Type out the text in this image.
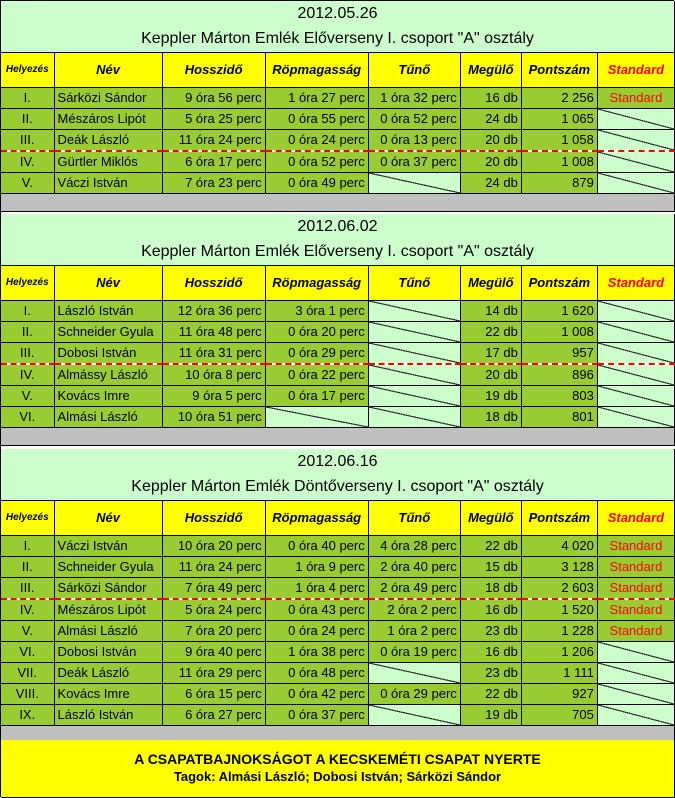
2012.05.26
Keppler Márton Emlék Előverseny I. csoport "A" osztály
Helyezés	Név	Hosszidő	Röpmagasság	Tűnő	Megülő	Pontszám	Standard
I.	Sárközi Sándor	9 óra 56 perc	1 óra 27 perc	1 óra 32 perc	16 db	2 256	Standard
II.	Mészáros Lipót	5 óra 25 perc	0 óra 55 perc	0 óra 52 perc	24 db	1 065	
III.	Deák László	11 óra 24 perc	0 óra 24 perc	0 óra 13 perc	20 db	1 058	
IV.	Gürtler Miklós	6 óra 17 perc	0 óra 52 perc	0 óra 37 perc	20 db	1 008	
V.	Váczi István	7 óra 23 perc	0 óra 49 perc		24 db	879	
2012.06.02
Keppler Márton Emlék Előverseny I. csoport "A" osztály
Helyezés	Név	Hosszidő	Röpmagasság	Tűnő	Megülő	Pontszám	Standard
I.	László István	12 óra 36 perc	3 óra 1 perc		14 db	1 620	
II.	Schneider Gyula	11 óra 48 perc	0 óra 20 perc		22 db	1 008	
III.	Dobosi István	11 óra 31 perc	0 óra 29 perc		17 db	957	
IV.	Almássy László	10 óra 8 perc	0 óra 22 perc		20 db	896	
V.	Kovács Imre	9 óra 5 perc	0 óra 17 perc		19 db	803	
VI.	Almási László	10 óra 51 perc			18 db	801	
2012.06.16
Keppler Márton Emlék Döntőverseny I. csoport "A" osztály
Helyezés	Név	Hosszidő	Röpmagasság	Tűnő	Megülő	Pontszám	Standard
I.	Váczi István	10 óra 20 perc	0 óra 40 perc	4 óra 28 perc	22 db	4 020	Standard
II.	Schneider Gyula	11 óra 24 perc	1 óra 9 perc	2 óra 40 perc	15 db	3 128	Standard
III.	Sárközi Sándor	7 óra 49 perc	1 óra 4 perc	2 óra 49 perc	18 db	2 603	Standard
IV.	Mészáros Lipót	5 óra 24 perc	0 óra 43 perc	2 óra 2 perc	16 db	1 520	Standard
V.	Almási László	7 óra 20 perc	0 óra 24 perc	1 óra 2 perc	23 db	1 228	Standard
VI.	Dobosi István	9 óra 40 perc	1 óra 38 perc	0 óra 19 perc	16 db	1 206	
VII.	Deák László	11 óra 29 perc	0 óra 48 perc		23 db	1 111	
VIII.	Kovács Imre	6 óra 15 perc	0 óra 42 perc	0 óra 29 perc	22 db	927	
IX.	László István	6 óra 27 perc	0 óra 37 perc		19 db	705	
A CSAPATBAJNOKSÁGOT A KECSKEMÉTI CSAPAT NYERTE
Tagok: Almási László; Dobosi István; Sárközi Sándor
